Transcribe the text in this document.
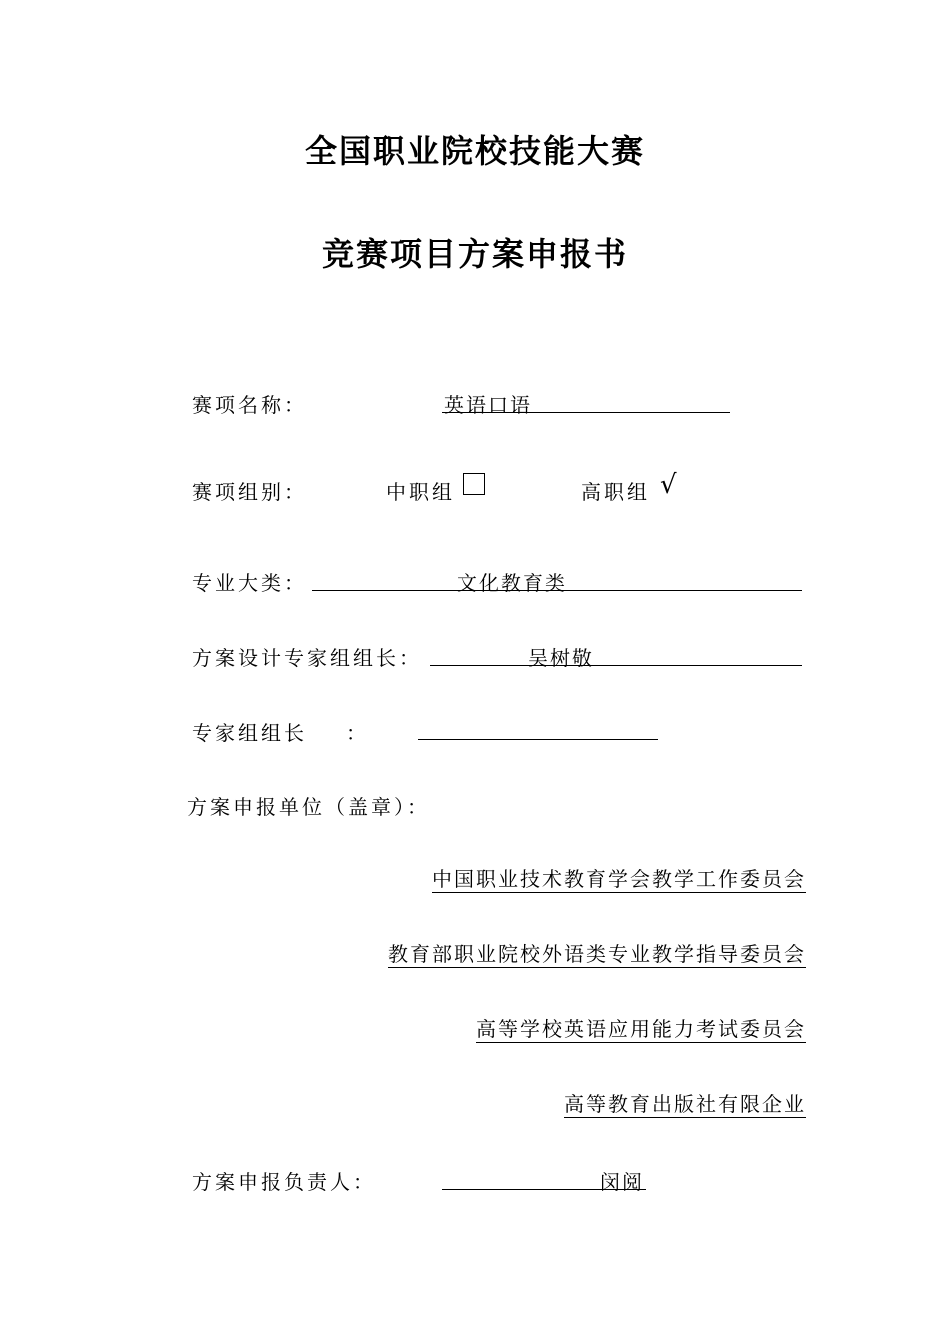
全国职业院校技能大赛
竞赛项目方案申报书
赛项名称：	英语口语
赛项组别：	中职组	高职组 √
专业大类：	文化教育类
方案设计专家组组长：	吴树敬
专家组组长 ：
方案申报单位（盖章）：
中国职业技术教育学会教学工作委员会
教育部职业院校外语类专业教学指导委员会
高等学校英语应用能力考试委员会
高等教育出版社有限企业
方案申报负责人：	闵阅
